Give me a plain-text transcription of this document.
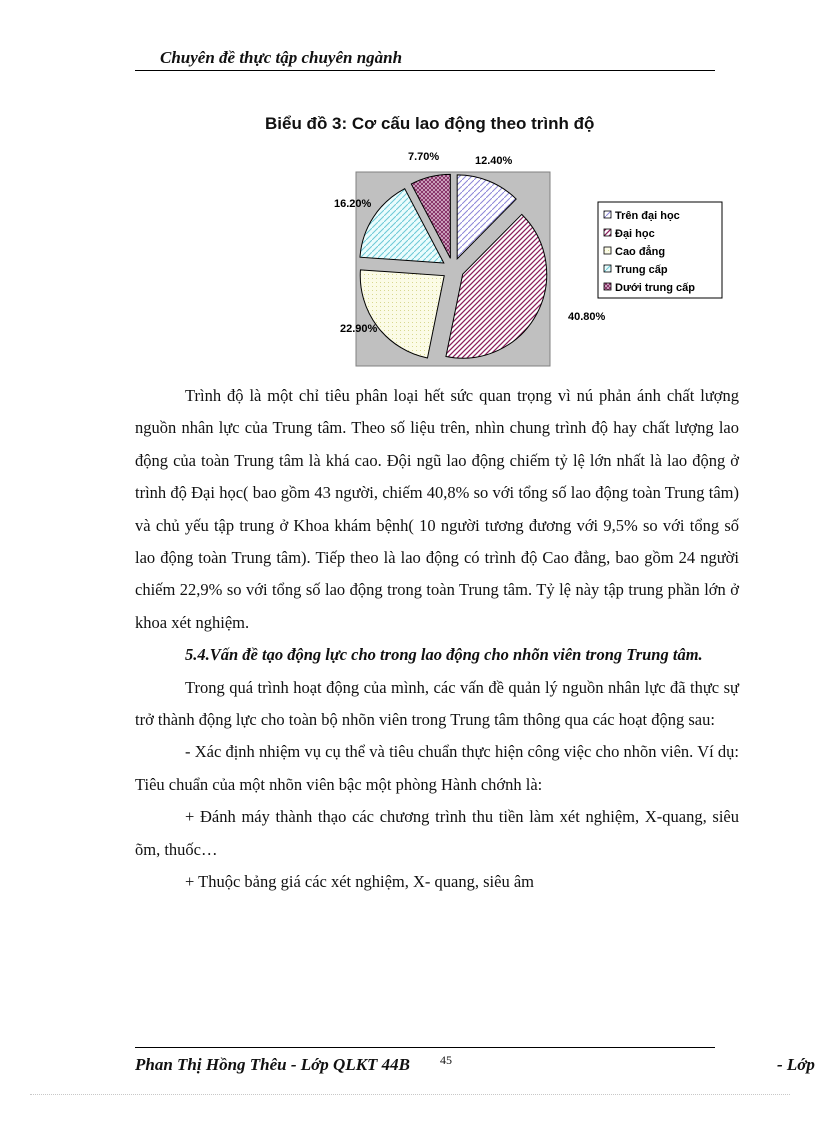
Chuyên đề thực tập chuyên ngành
Biểu đồ 3: Cơ cấu lao động theo trình độ
12.40%
40.80%
22.90%
16.20%
7.70%
Trên đại học
Đại học
Cao đẳng
Trung cấp
Dưới trung cấp

Trình độ là một chỉ tiêu phân loại hết sức quan trọng vì nú phản ánh chất lượng nguồn nhân lực của Trung tâm. Theo số liệu trên, nhìn chung trình độ hay chất lượng lao động của toàn Trung tâm là khá cao. Đội ngũ lao động chiếm tỷ lệ lớn nhất là lao động ở trình độ Đại học( bao gồm 43 người, chiếm 40,8% so với tổng số lao động toàn Trung tâm) và chủ yếu tập trung ở Khoa khám bệnh( 10 người tương đương với 9,5% so với tổng số lao động toàn Trung tâm). Tiếp theo là lao động có trình độ Cao đẳng, bao gồm 24 người chiếm 22,9% so với tổng số lao động trong toàn Trung tâm. Tỷ lệ này tập trung phần lớn ở khoa xét nghiệm.

5.4.Vấn đề tạo động lực cho trong lao động cho nhõn viên trong Trung tâm.

Trong quá trình hoạt động của mình, các vấn đề quản lý nguồn nhân lực đã thực sự trở thành động lực cho toàn bộ nhõn viên trong Trung tâm thông qua các hoạt động sau:

- Xác định nhiệm vụ cụ thể và tiêu chuẩn thực hiện công việc cho nhõn viên. Ví dụ: Tiêu chuẩn của một nhõn viên bậc một phòng Hành chớnh là:

+ Đánh máy thành thạo các chương trình thu tiền làm xét nghiệm, X-quang, siêu õm, thuốc…

+ Thuộc bảng giá các xét nghiệm, X- quang, siêu âm

Phan Thị Hồng Thêu - Lớp QLKT 44B 45	- Lớp
